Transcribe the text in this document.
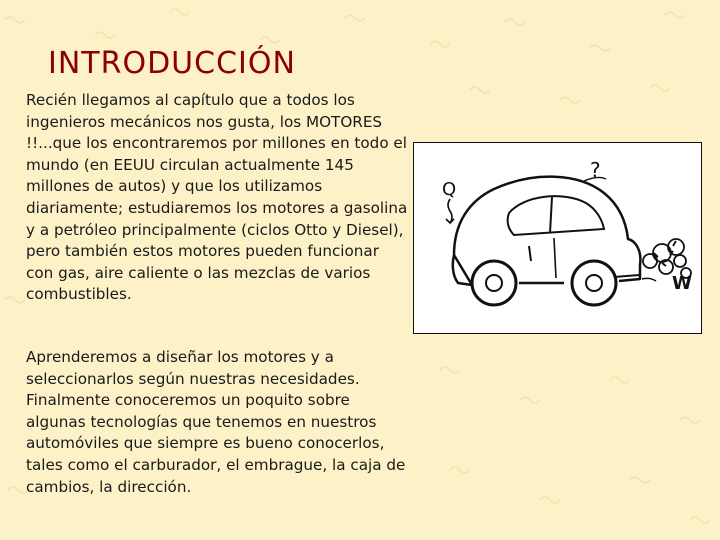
INTRODUCCIÓN

Recién llegamos al capítulo que a todos los ingenieros mecánicos nos gusta, los MOTORES !!...que los encontraremos por millones en todo el mundo (en EEUU circulan actualmente 145 millones de autos) y que los utilizamos diariamente; estudiaremos los motores a gasolina y a petróleo principalmente (ciclos Otto y Diesel), pero también estos motores pueden funcionar con gas, aire caliente o las mezclas de varios combustibles.

Aprenderemos a diseñar los motores y a seleccionarlos según nuestras necesidades. Finalmente conoceremos un poquito sobre algunas tecnologías que tenemos en nuestros automóviles que siempre es bueno conocerlos, tales como el carburador, el embrague, la caja de cambios, la dirección.

Q
?
W
